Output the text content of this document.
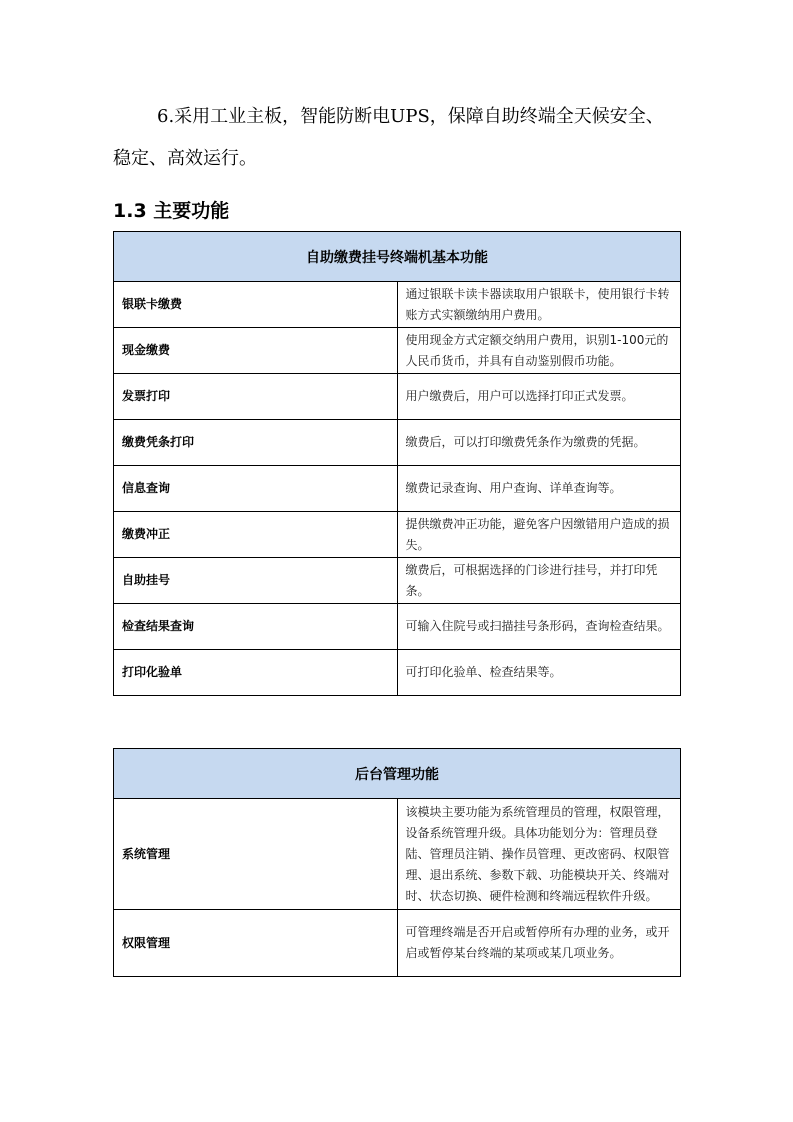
6.采用工业主板，智能防断电UPS，保障自助终端全天候安全、

稳定、高效运行。

1.3 主要功能
自助缴费挂号终端机基本功能	
银联卡缴费	通过银联卡读卡器读取用户银联卡，使用银行卡转账方式实额缴纳用户费用。
现金缴费	使用现金方式定额交纳用户费用，识别1-100元的人民币货币，并具有自动鉴别假币功能。
发票打印	用户缴费后，用户可以选择打印正式发票。
缴费凭条打印	缴费后，可以打印缴费凭条作为缴费的凭据。
信息查询	缴费记录查询、用户查询、详单查询等。
缴费冲正	提供缴费冲正功能，避免客户因缴错用户造成的损失。
自助挂号	缴费后，可根据选择的门诊进行挂号，并打印凭条。
检查结果查询	可输入住院号或扫描挂号条形码，查询检查结果。
打印化验单	可打印化验单、检查结果等。
后台管理功能	
系统管理	该模块主要功能为系统管理员的管理，权限管理，设备系统管理升级。具体功能划分为：管理员登陆、管理员注销、操作员管理、更改密码、权限管理、退出系统、参数下载、功能模块开关、终端对时、状态切换、硬件检测和终端远程软件升级。
权限管理	可管理终端是否开启或暂停所有办理的业务，或开启或暂停某台终端的某项或某几项业务。
